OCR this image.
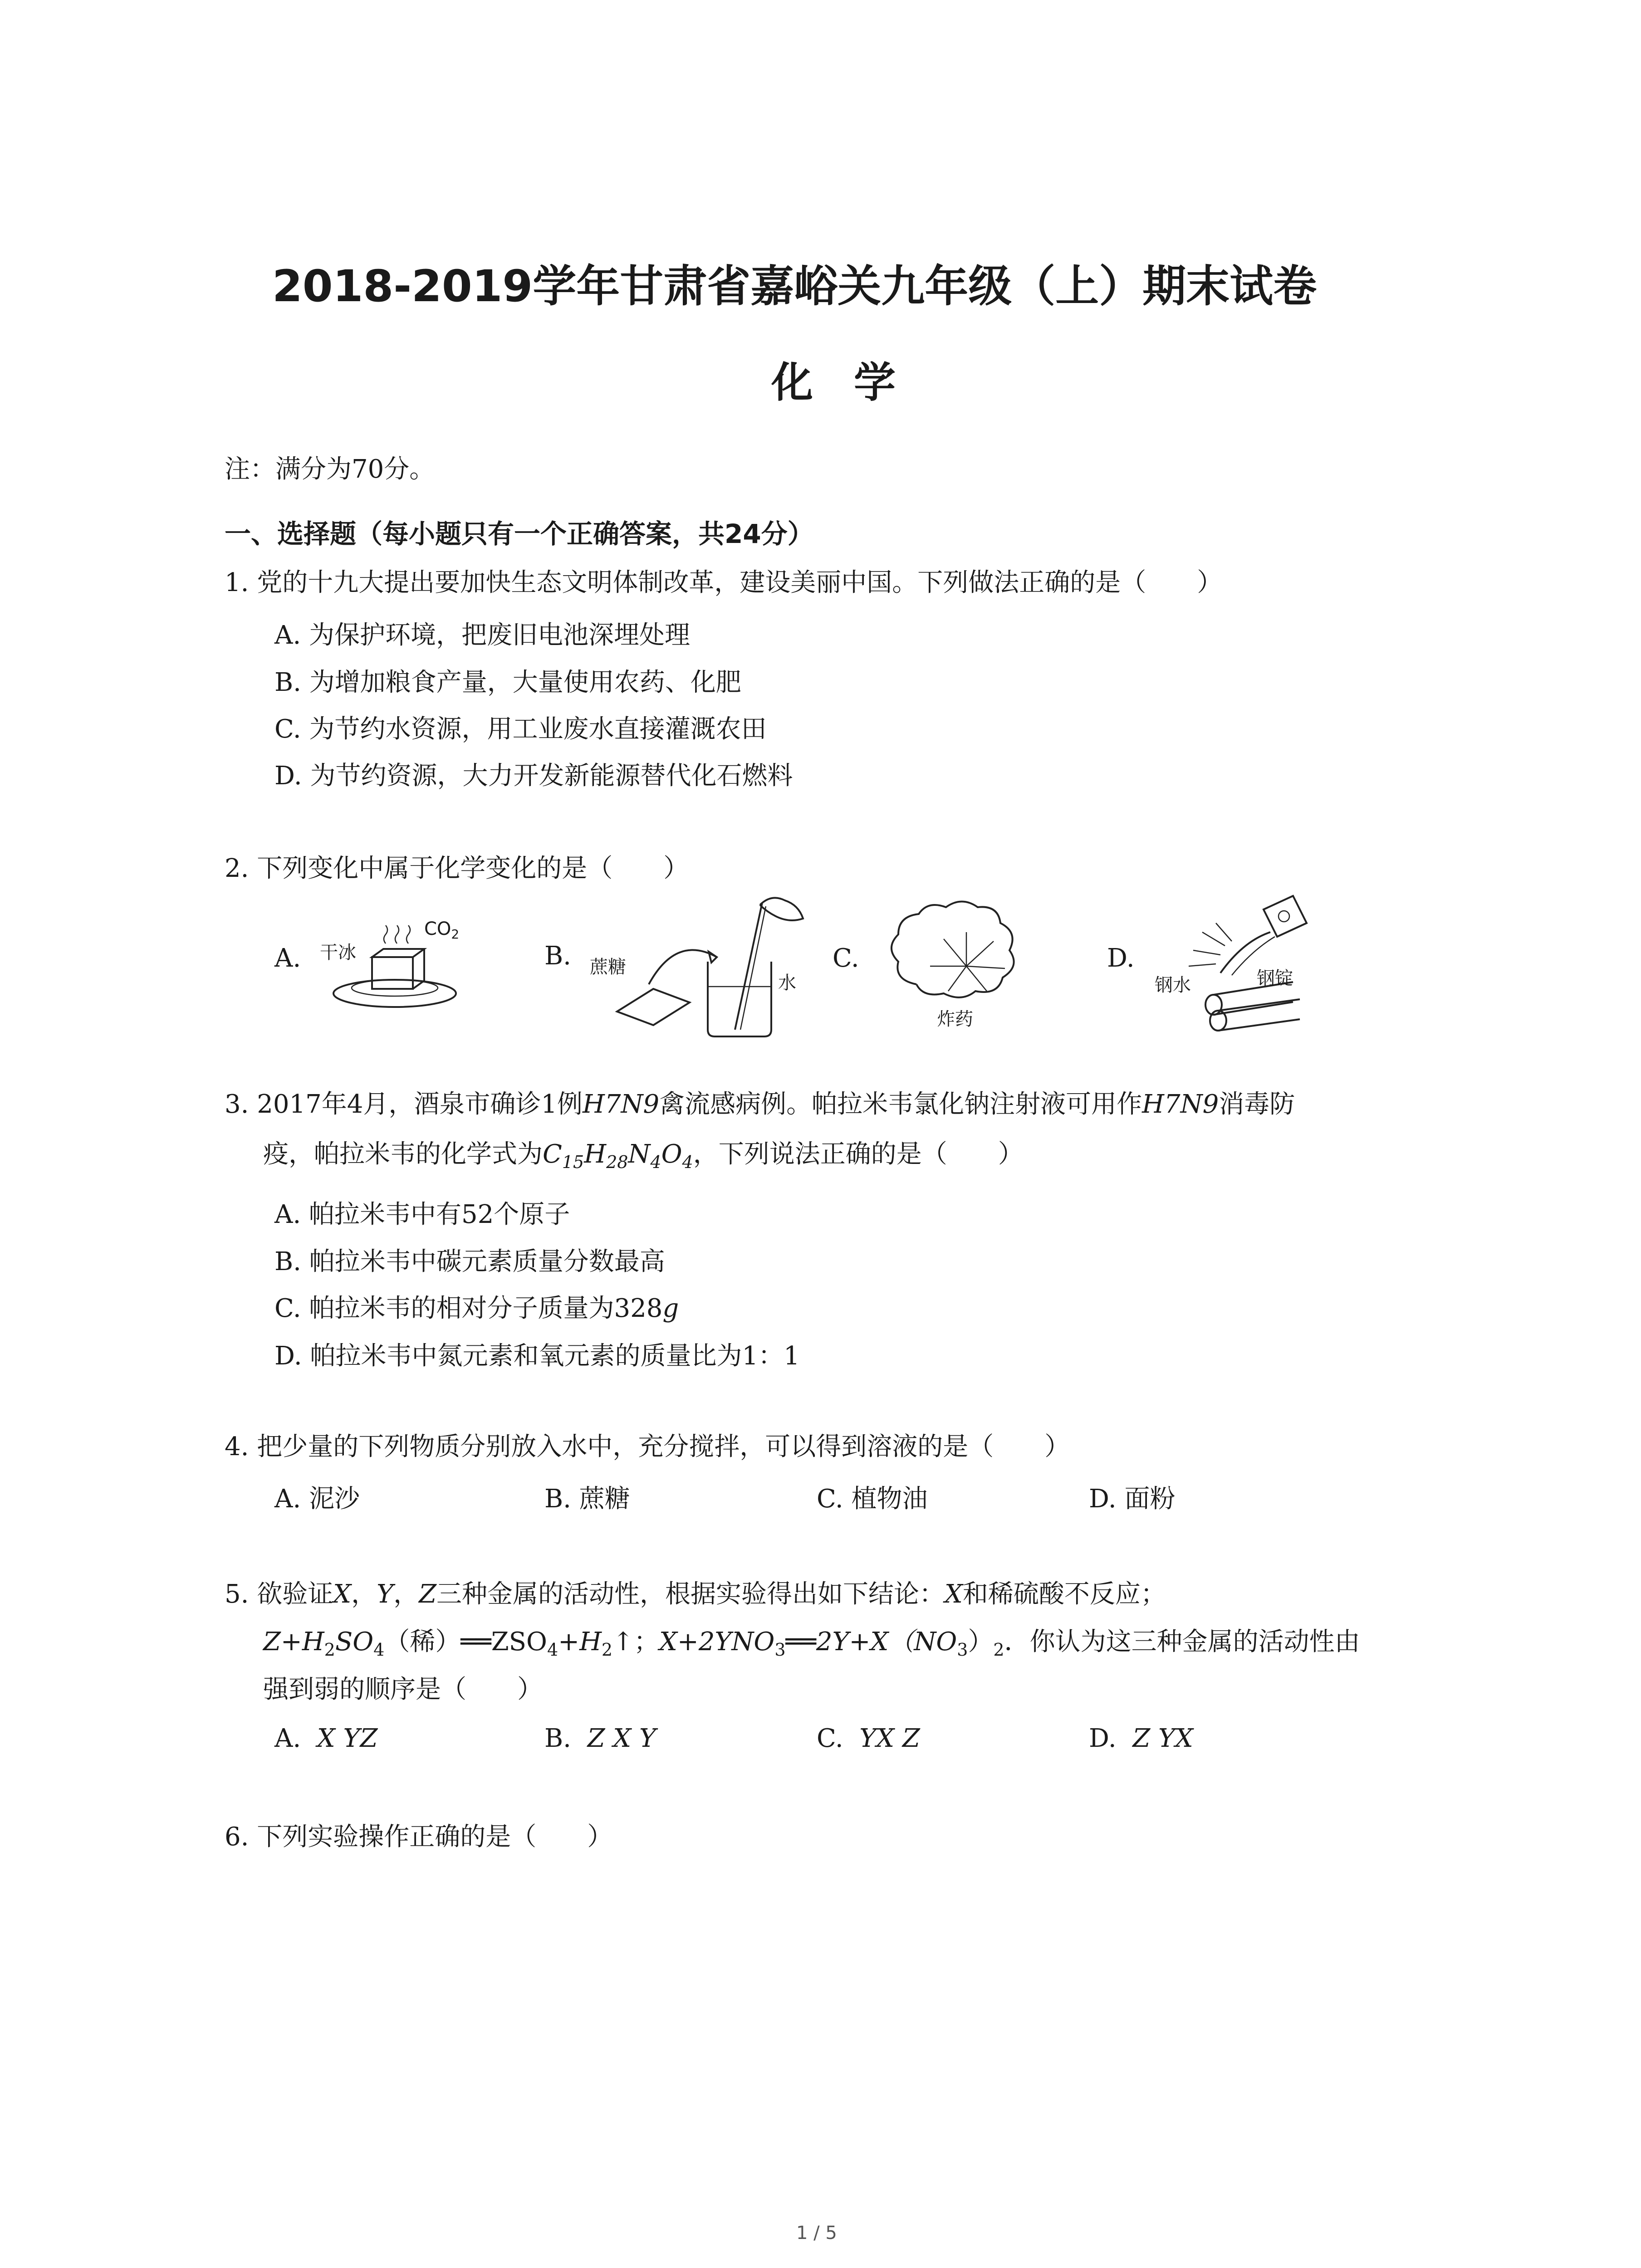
2018-2019学年甘肃省嘉峪关九年级（上）期末试卷
化学
注：满分为70分。
一、选择题（每小题只有一个正确答案，共24分）
1. 党的十九大提出要加快生态文明体制改革，建设美丽中国。下列做法正确的是（　　）
A. 为保护环境，把废旧电池深埋处理
B. 为增加粮食产量，大量使用农药、化肥
C. 为节约水资源，用工业废水直接灌溉农田
D. 为节约资源，大力开发新能源替代化石燃料
2. 下列变化中属于化学变化的是（　　）
A.	B.	C.	D.
干冰
$CO_2$
蔗糖
水
炸药
钢水	钢锭
3. 2017年4月，酒泉市确诊1例H7N9禽流感病例。帕拉米韦氯化钠注射液可用作H7N9消毒防
疫，帕拉米韦的化学式为$C_{15}H_{28}N_4O_4$，下列说法正确的是（　　）
A. 帕拉米韦中有52个原子
B. 帕拉米韦中碳元素质量分数最高
C. 帕拉米韦的相对分子质量为328g
D. 帕拉米韦中氮元素和氧元素的质量比为1：1
4. 把少量的下列物质分别放入水中，充分搅拌，可以得到溶液的是（　　）
A. 泥沙	B. 蔗糖	C. 植物油	D. 面粉
5. 欲验证X，Y，Z三种金属的活动性，根据实验得出如下结论：X和稀硫酸不反应；
$Z+H_2SO_4$（稀）$══ZSO_4+H_2↑$；$X+2YNO_3══2Y+X(NO_3)_2$．你认为这三种金属的活动性由
强到弱的顺序是（　　）
A. X YZ	B. Z X Y	C. YX Z	D. Z YX
6. 下列实验操作正确的是（　　）
1 / 5
